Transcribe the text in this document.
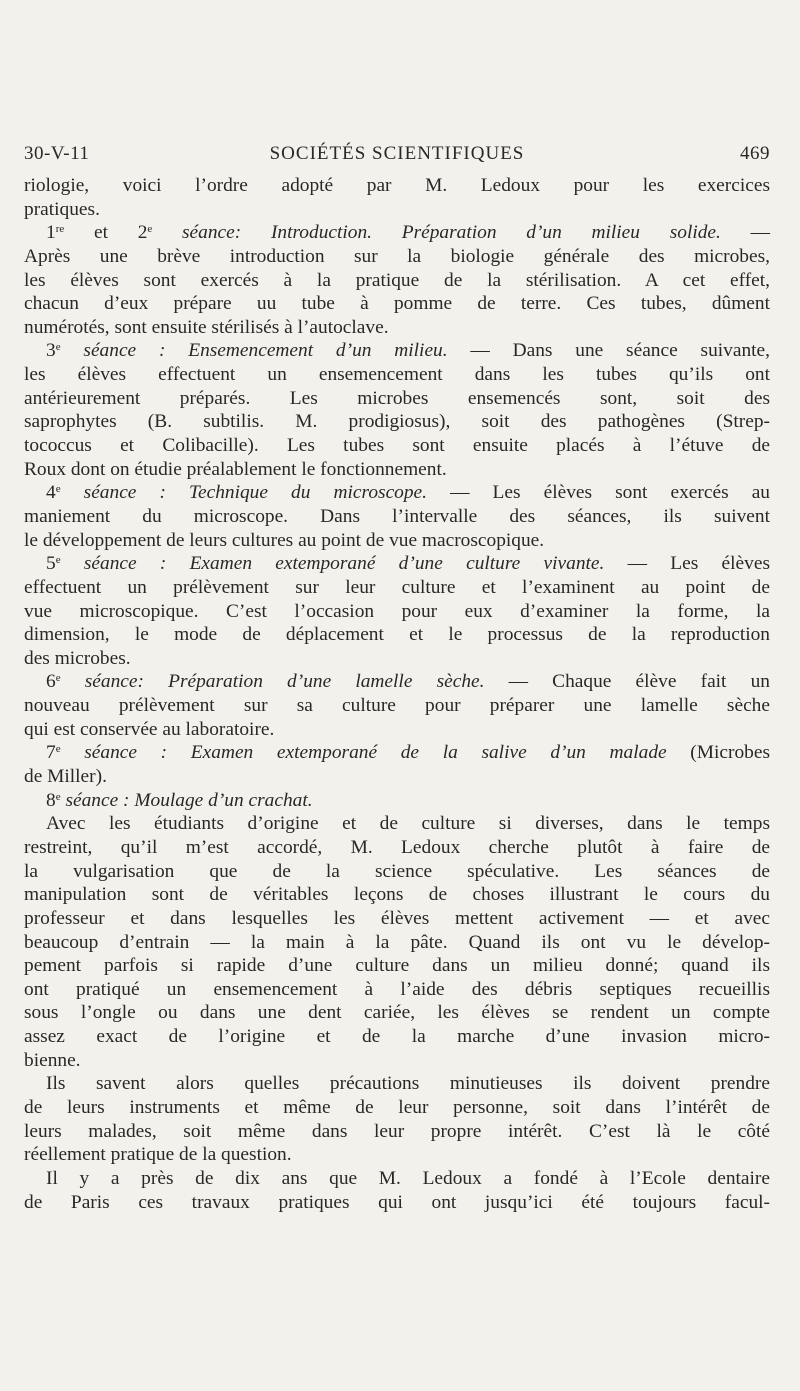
30-V-11	SOCIÉTÉS SCIENTIFIQUES	469
riologie, voici l’ordre adopté par M. Ledoux pour les exercices
pratiques.
1re et 2e séance: Introduction. Préparation d’un milieu solide. —
Après une brève introduction sur la biologie générale des microbes,
les élèves sont exercés à la pratique de la stérilisation. A cet effet,
chacun d’eux prépare uu tube à pomme de terre. Ces tubes, dûment
numérotés, sont ensuite stérilisés à l’autoclave.
3e séance : Ensemencement d’un milieu. — Dans une séance suivante,
les élèves effectuent un ensemencement dans les tubes qu’ils ont
antérieurement préparés. Les microbes ensemencés sont, soit des
saprophytes (B. subtilis. M. prodigiosus), soit des pathogènes (Strep-
tococcus et Colibacille). Les tubes sont ensuite placés à l’étuve de
Roux dont on étudie préalablement le fonctionnement.
4e séance : Technique du microscope. — Les élèves sont exercés au
maniement du microscope. Dans l’intervalle des séances, ils suivent
le développement de leurs cultures au point de vue macroscopique.
5e séance : Examen extemporané d’une culture vivante. — Les élèves
effectuent un prélèvement sur leur culture et l’examinent au point de
vue microscopique. C’est l’occasion pour eux d’examiner la forme, la
dimension, le mode de déplacement et le processus de la reproduction
des microbes.
6e séance: Préparation d’une lamelle sèche. — Chaque élève fait un
nouveau prélèvement sur sa culture pour préparer une lamelle sèche
qui est conservée au laboratoire.
7e séance : Examen extemporané de la salive d’un malade (Microbes
de Miller).
8e séance : Moulage d’un crachat.
Avec les étudiants d’origine et de culture si diverses, dans le temps
restreint, qu’il m’est accordé, M. Ledoux cherche plutôt à faire de
la vulgarisation que de la science spéculative. Les séances de
manipulation sont de véritables leçons de choses illustrant le cours du
professeur et dans lesquelles les élèves mettent activement — et avec
beaucoup d’entrain — la main à la pâte. Quand ils ont vu le dévelop-
pement parfois si rapide d’une culture dans un milieu donné; quand ils
ont pratiqué un ensemencement à l’aide des débris septiques recueillis
sous l’ongle ou dans une dent cariée, les élèves se rendent un compte
assez exact de l’origine et de la marche d’une invasion micro-
bienne.
Ils savent alors quelles précautions minutieuses ils doivent prendre
de leurs instruments et même de leur personne, soit dans l’intérêt de
leurs malades, soit même dans leur propre intérêt. C’est là le côté
réellement pratique de la question.
Il y a près de dix ans que M. Ledoux a fondé à l’Ecole dentaire
de Paris ces travaux pratiques qui ont jusqu’ici été toujours facul-
